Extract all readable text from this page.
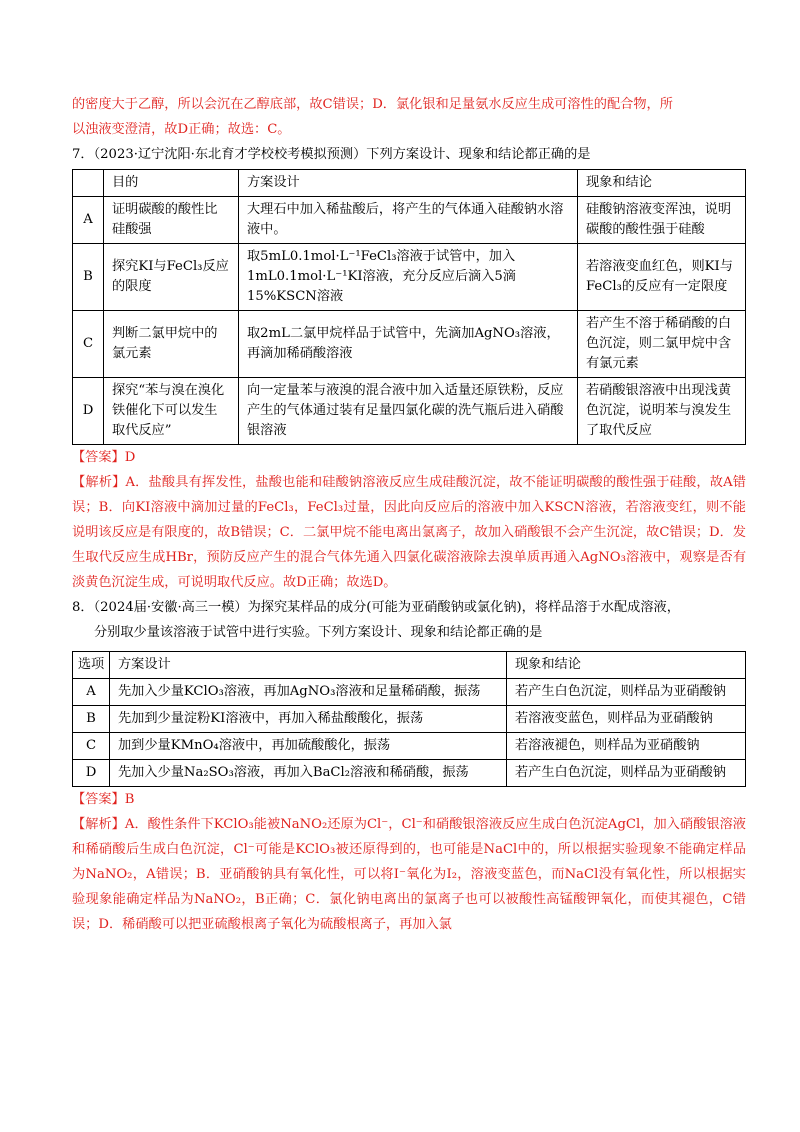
的密度大于乙醇，所以会沉在乙醇底部，故C错误；D．氯化银和足量氨水反应生成可溶性的配合物，所

以浊液变澄清，故D正确；故选：C。

7．（2023·辽宁沈阳·东北育才学校校考模拟预测）下列方案设计、现象和结论都正确的是

	目的	方案设计	现象和结论
A	证明碳酸的酸性比硅酸强	大理石中加入稀盐酸后，将产生的气体通入硅酸钠水溶液中。	硅酸钠溶液变浑浊，说明碳酸的酸性强于硅酸
B	探究KI与FeCl₃反应的限度	取5mL0.1mol·L⁻¹FeCl₃溶液于试管中，加入1mL0.1mol·L⁻¹KI溶液，充分反应后滴入5滴15%KSCN溶液	若溶液变血红色，则KI与FeCl₃的反应有一定限度
C	判断二氯甲烷中的氯元素	取2mL二氯甲烷样品于试管中，先滴加AgNO₃溶液，再滴加稀硝酸溶液	若产生不溶于稀硝酸的白色沉淀，则二氯甲烷中含有氯元素
D	探究“苯与溴在溴化铁催化下可以发生取代反应”	向一定量苯与液溴的混合液中加入适量还原铁粉，反应产生的气体通过装有足量四氯化碳的洗气瓶后进入硝酸银溶液	若硝酸银溶液中出现浅黄色沉淀，说明苯与溴发生了取代反应

【答案】D

【解析】A．盐酸具有挥发性，盐酸也能和硅酸钠溶液反应生成硅酸沉淀，故不能证明碳酸的酸性强于硅酸，故A错误；B．向KI溶液中滴加过量的FeCl₃，FeCl₃过量，因此向反应后的溶液中加入KSCN溶液，若溶液变红，则不能说明该反应是有限度的，故B错误；C．二氯甲烷不能电离出氯离子，故加入硝酸银不会产生沉淀，故C错误；D．发生取代反应生成HBr，预防反应产生的混合气体先通入四氯化碳溶液除去溴单质再通入AgNO₃溶液中，观察是否有淡黄色沉淀生成，可说明取代反应。故D正确；故选D。

8．（2024届·安徽·高三一模）为探究某样品的成分(可能为亚硝酸钠或氯化钠)，将样品溶于水配成溶液，

分别取少量该溶液于试管中进行实验。下列方案设计、现象和结论都正确的是

选项	方案设计	现象和结论
A	先加入少量KClO₃溶液，再加AgNO₃溶液和足量稀硝酸，振荡	若产生白色沉淀，则样品为亚硝酸钠
B	先加到少量淀粉KI溶液中，再加入稀盐酸酸化，振荡	若溶液变蓝色，则样品为亚硝酸钠
C	加到少量KMnO₄溶液中，再加硫酸酸化，振荡	若溶液褪色，则样品为亚硝酸钠
D	先加入少量Na₂SO₃溶液，再加入BaCl₂溶液和稀硝酸，振荡	若产生白色沉淀，则样品为亚硝酸钠

【答案】B

【解析】A．酸性条件下KClO₃能被NaNO₂还原为Cl⁻，Cl⁻和硝酸银溶液反应生成白色沉淀AgCl，加入硝酸银溶液和稀硝酸后生成白色沉淀，Cl⁻可能是KClO₃被还原得到的，也可能是NaCl中的，所以根据实验现象不能确定样品为NaNO₂，A错误；B．亚硝酸钠具有氧化性，可以将I⁻氧化为I₂，溶液变蓝色，而NaCl没有氧化性，所以根据实验现象能确定样品为NaNO₂，B正确；C．氯化钠电离出的氯离子也可以被酸性高锰酸钾氧化，而使其褪色，C错误；D．稀硝酸可以把亚硫酸根离子氧化为硫酸根离子，再加入氯
